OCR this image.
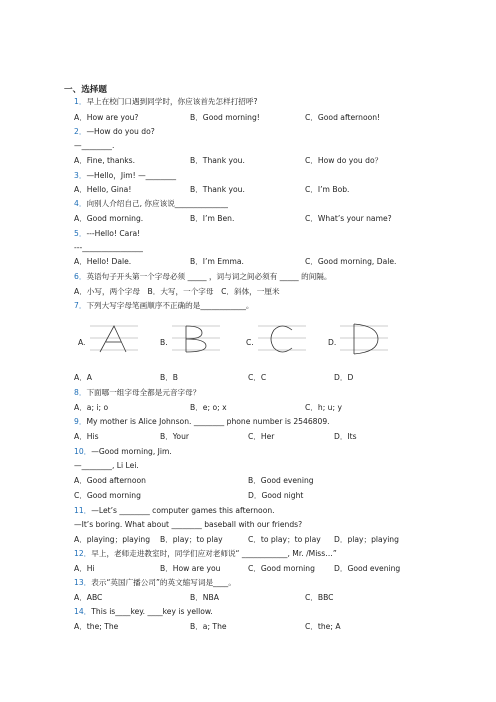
一、选择题
1．早上在校门口遇到同学时，你应该首先怎样打招呼?
A．How are you?	B．Good morning!	C．Good afternoon!
2．—How do you do?
—________.
A．Fine, thanks.	B．Thank you.	C．How do you do？
3．—Hello，Jim! —________
A．Hello, Gina!	B．Thank you.	C．I’m Bob.
4．向别人介绍自己, 你应该说______________
A．Good morning.	B．I’m Ben.	C．What’s your name?
5．---Hello! Cara!
---________________
A．Hello! Dale.	B．I’m Emma.	C．Good morning, Dale.
6．英语句子开头第一个字母必须 _____ ，词与词之间必须有 _____ 的间隔。
A．小写，两个字母　B．大写，一个字母　C．斜体，一厘米
7．下列大写字母笔画顺序不正确的是____________。
A.	B.	C.	D.
A．A	B．B	C．C	D．D
8．下面哪一组字母全都是元音字母？
A．a; i; o	B．e; o; x	C．h; u; y
9．My mother is Alice Johnson. ________ phone number is 2546809.
A．His	B．Your	C．Her	D．Its
10．—Good morning, Jim.
—________, Li Lei.
A．Good afternoon	B．Good evening
C．Good morning	D．Good night
11．—Let’s ________ computer games this afternoon.
—It’s boring. What about ________ baseball with our friends?
A．playing；playing B．play；to play	C．to play；to play D．play；playing
12．早上，老师走进教室时，同学们应对老师说“ ____________, Mr. /Miss…”
A．Hi	B．How are you	C．Good morning	D．Good evening
13．表示“英国广播公司”的英文缩写词是____。
A．ABC	B．NBA	C．BBC
14．This is____key. ____key is yellow.
A．the; The	B．a; The	C．the; A
